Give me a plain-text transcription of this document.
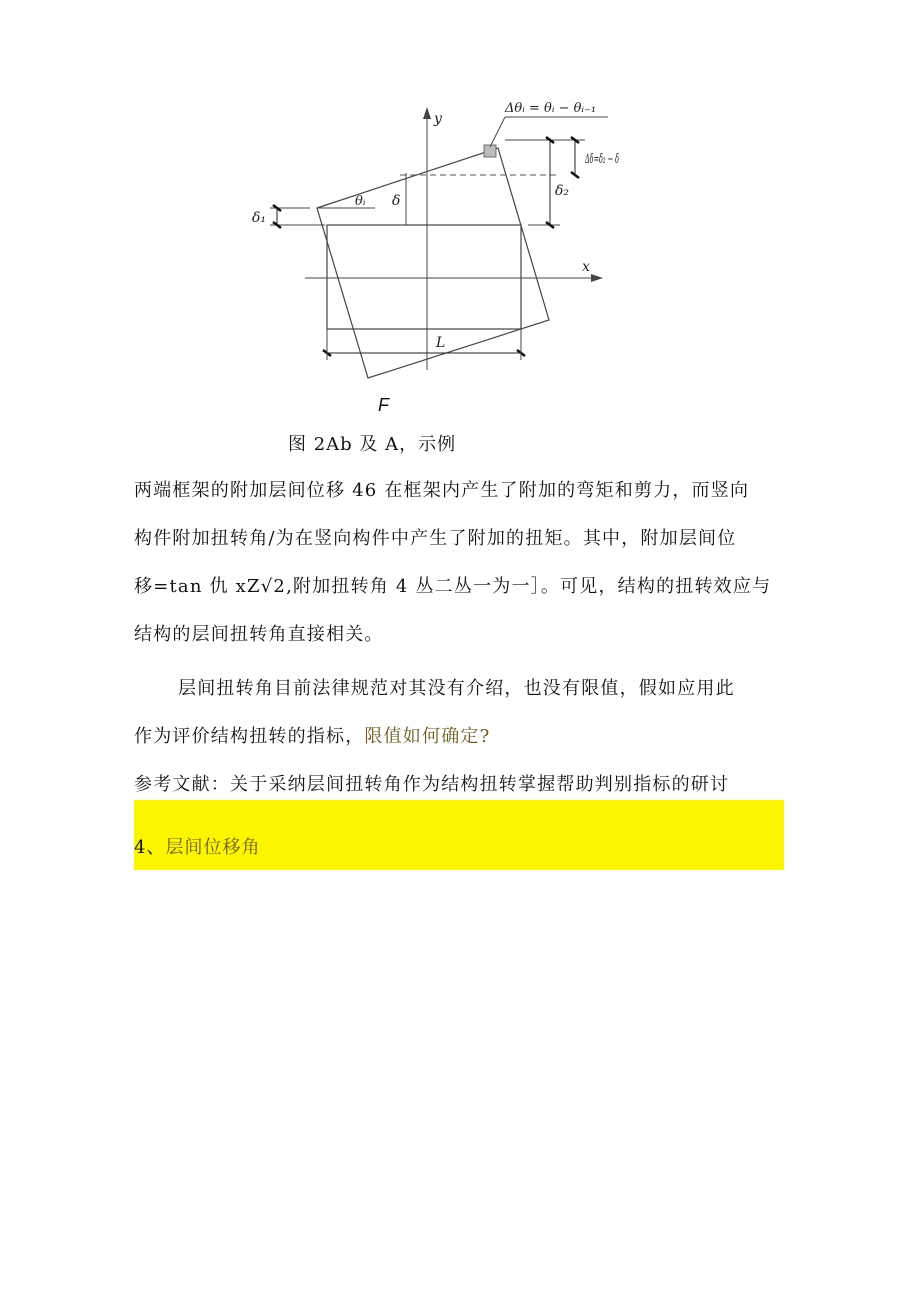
y
x
L
δ₁
δ₂
δ
θᵢ
Δθᵢ = θᵢ − θᵢ₋₁
Δδ=δ₂ − δ
F
图 2Ab 及 A，示例
两端框架的附加层间位移 46 在框架内产生了附加的弯矩和剪力，而竖向
构件附加扭转角/为在竖向构件中产生了附加的扭矩。其中，附加层间位
移=tan 仇 xZ√2,附加扭转角 4 丛二丛一为一］。可见，结构的扭转效应与
结构的层间扭转角直接相关。
层间扭转角目前法律规范对其没有介绍，也没有限值，假如应用此
作为评价结构扭转的指标，限值如何确定?
参考文献：关于采纳层间扭转角作为结构扭转掌握帮助判别指标的研讨
4、层间位移角
